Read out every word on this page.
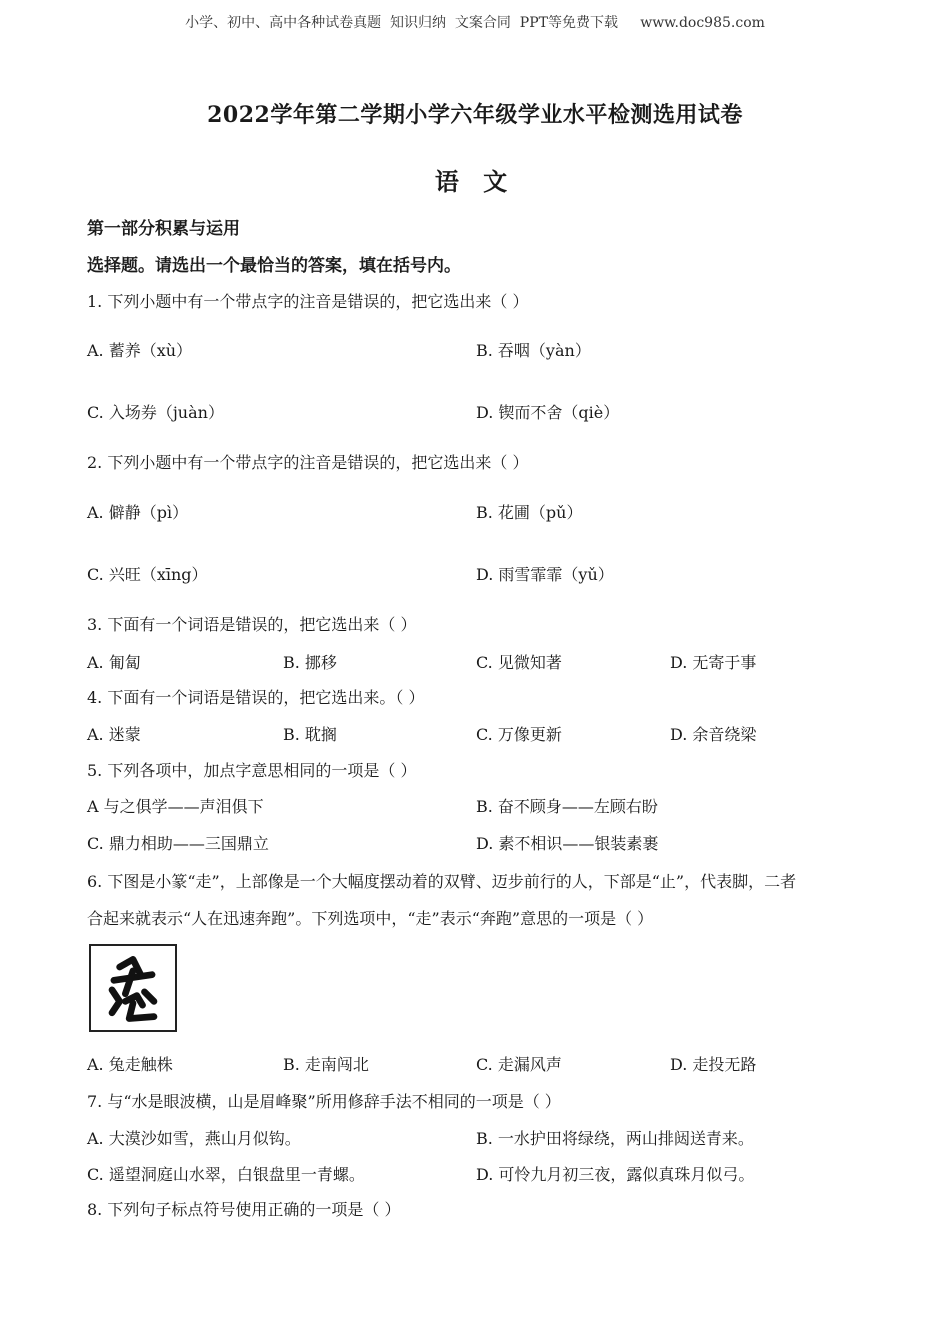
小学、初中、高中各种试卷真题  知识归纳  文案合同  PPT等免费下载     www.doc985.com
2022学年第二学期小学六年级学业水平检测选用试卷
语 文
第一部分积累与运用
选择题。请选出一个最恰当的答案，填在括号内。
1. 下列小题中有一个带点字的注音是错误的，把它选出来（ ）
A. 蓄养（xù）	B. 吞咽（yàn）
C. 入场券（juàn）	D. 锲而不舍（qiè）
2. 下列小题中有一个带点字的注音是错误的，把它选出来（ ）
A. 僻静（pì）	B. 花圃（pǔ）
C. 兴旺（xīng）	D. 雨雪霏霏（yǔ）
3. 下面有一个词语是错误的，把它选出来（ ）
A. 匍匐	B. 挪移	C. 见微知著	D. 无寄于事
4. 下面有一个词语是错误的，把它选出来。（ ）
A. 迷蒙	B. 耽搁	C. 万像更新	D. 余音绕梁
5. 下列各项中，加点字意思相同的一项是（ ）
A 与之俱学——声泪俱下	B. 奋不顾身——左顾右盼
C. 鼎力相助——三国鼎立	D. 素不相识——银装素裹
6. 下图是小篆“走”，上部像是一个大幅度摆动着的双臂、迈步前行的人，下部是“止”，代表脚，二者
合起来就表示“人在迅速奔跑”。下列选项中，“走”表示“奔跑”意思的一项是（ ）
A. 兔走触株	B. 走南闯北	C. 走漏风声	D. 走投无路
7. 与“水是眼波横，山是眉峰聚”所用修辞手法不相同的一项是（ ）
A. 大漠沙如雪，燕山月似钩。	B. 一水护田将绿绕，两山排闼送青来。
C. 遥望洞庭山水翠，白银盘里一青螺。	D. 可怜九月初三夜，露似真珠月似弓。
8. 下列句子标点符号使用正确的一项是（ ）
